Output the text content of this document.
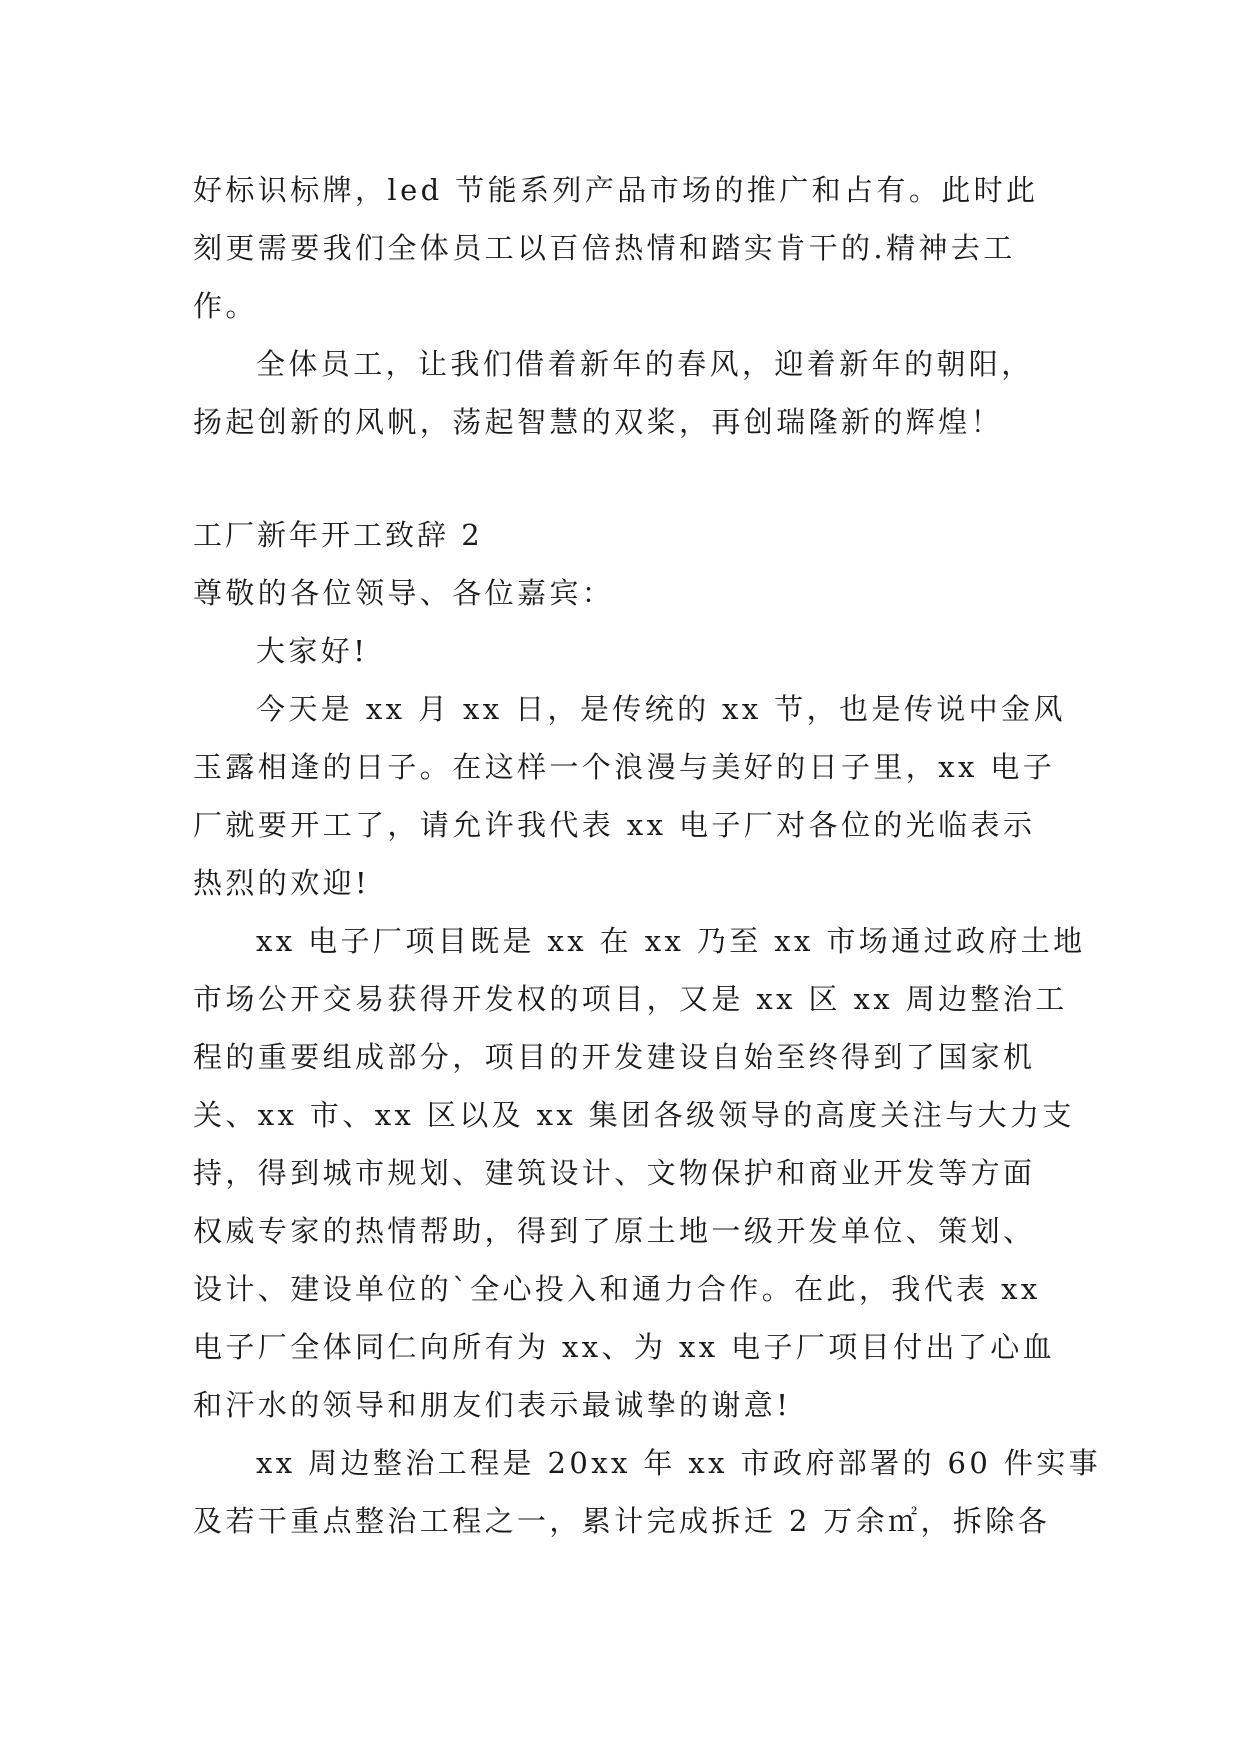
好标识标牌，led 节能系列产品市场的推广和占有。此时此
刻更需要我们全体员工以百倍热情和踏实肯干的.精神去工
作。
全体员工，让我们借着新年的春风，迎着新年的朝阳，
扬起创新的风帆，荡起智慧的双桨，再创瑞隆新的辉煌！
工厂新年开工致辞 2
尊敬的各位领导、各位嘉宾：
大家好!
今天是 xx 月 xx 日，是传统的 xx 节，也是传说中金风
玉露相逢的日子。在这样一个浪漫与美好的日子里，xx 电子
厂就要开工了，请允许我代表 xx 电子厂对各位的光临表示
热烈的欢迎!
xx 电子厂项目既是 xx 在 xx 乃至 xx 市场通过政府土地
市场公开交易获得开发权的项目，又是 xx 区 xx 周边整治工
程的重要组成部分，项目的开发建设自始至终得到了国家机
关、xx 市、xx 区以及 xx 集团各级领导的高度关注与大力支
持，得到城市规划、建筑设计、文物保护和商业开发等方面
权威专家的热情帮助，得到了原土地一级开发单位、策划、
设计、建设单位的`全心投入和通力合作。在此，我代表 xx
电子厂全体同仁向所有为 xx、为 xx 电子厂项目付出了心血
和汗水的领导和朋友们表示最诚挚的谢意!
xx 周边整治工程是 20xx 年 xx 市政府部署的 60 件实事
及若干重点整治工程之一，累计完成拆迁 2 万余㎡，拆除各
